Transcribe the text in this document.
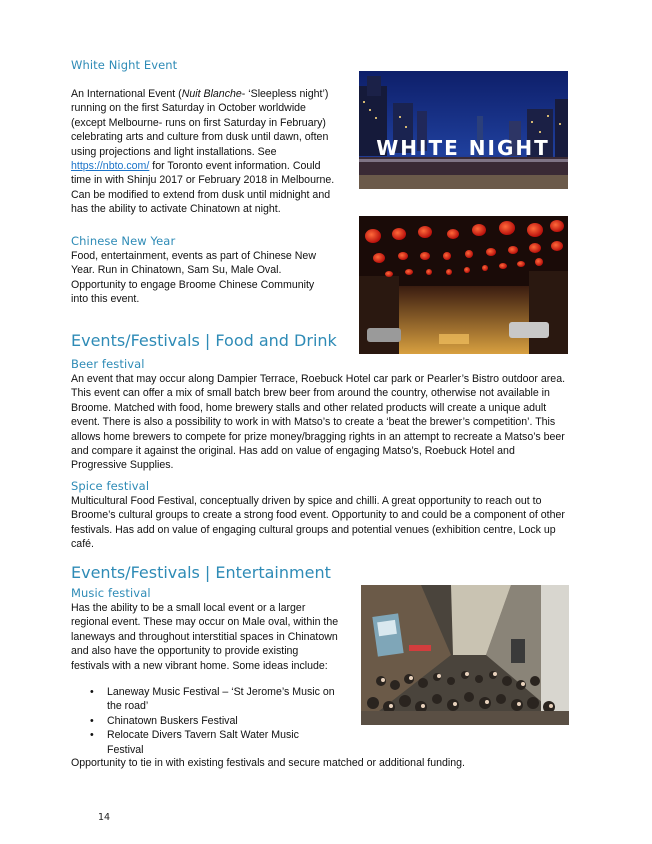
White Night Event
An International Event (Nuit Blanche- ‘Sleepless night’) running on the first Saturday in October worldwide (except Melbourne- runs on first Saturday in February) celebrating arts and culture from dusk until dawn, often using projections and light installations. See https://nbto.com/ for Toronto event information. Could time in with Shinju 2017 or February 2018 in Melbourne. Can be modified to extend from dusk until midnight and has the ability to activate Chinatown at night.
WHITE NIGHT
Chinese New Year
Food, entertainment, events as part of Chinese New Year. Run in Chinatown, Sam Su, Male Oval. Opportunity to engage Broome Chinese Community into this event.
Events/Festivals | Food and Drink
Beer festival
An event that may occur along Dampier Terrace, Roebuck Hotel car park or Pearler’s Bistro outdoor area. This event can offer a mix of small batch brew beer from around the country, otherwise not available in Broome. Matched with food, home brewery stalls and other related products will create a unique adult event. There is also a possibility to work in with Matso’s to create a ‘beat the brewer’s competition’. This allows home brewers to compete for prize money/bragging rights in an attempt to recreate a Matso’s beer and compare it against the original. Has add on value of engaging Matso’s, Roebuck Hotel and Progressive Supplies.
Spice festival
Multicultural Food Festival, conceptually driven by spice and chilli. A great opportunity to reach out to Broome’s cultural groups to create a strong food event. Opportunity to and could be a component of other festivals. Has add on value of engaging cultural groups and potential venues (exhibition centre, Lock up café.
Events/Festivals | Entertainment
Music festival
Has the ability to be a small local event or a larger regional event. These may occur on Male oval, within the laneways and throughout interstitial spaces in Chinatown and also have the opportunity to provide existing festivals with a new vibrant home. Some ideas include:
• Laneway Music Festival – ‘St Jerome’s Music on the road’
• Chinatown Buskers Festival
• Relocate Divers Tavern Salt Water Music Festival
Opportunity to tie in with existing festivals and secure matched or additional funding.
14
